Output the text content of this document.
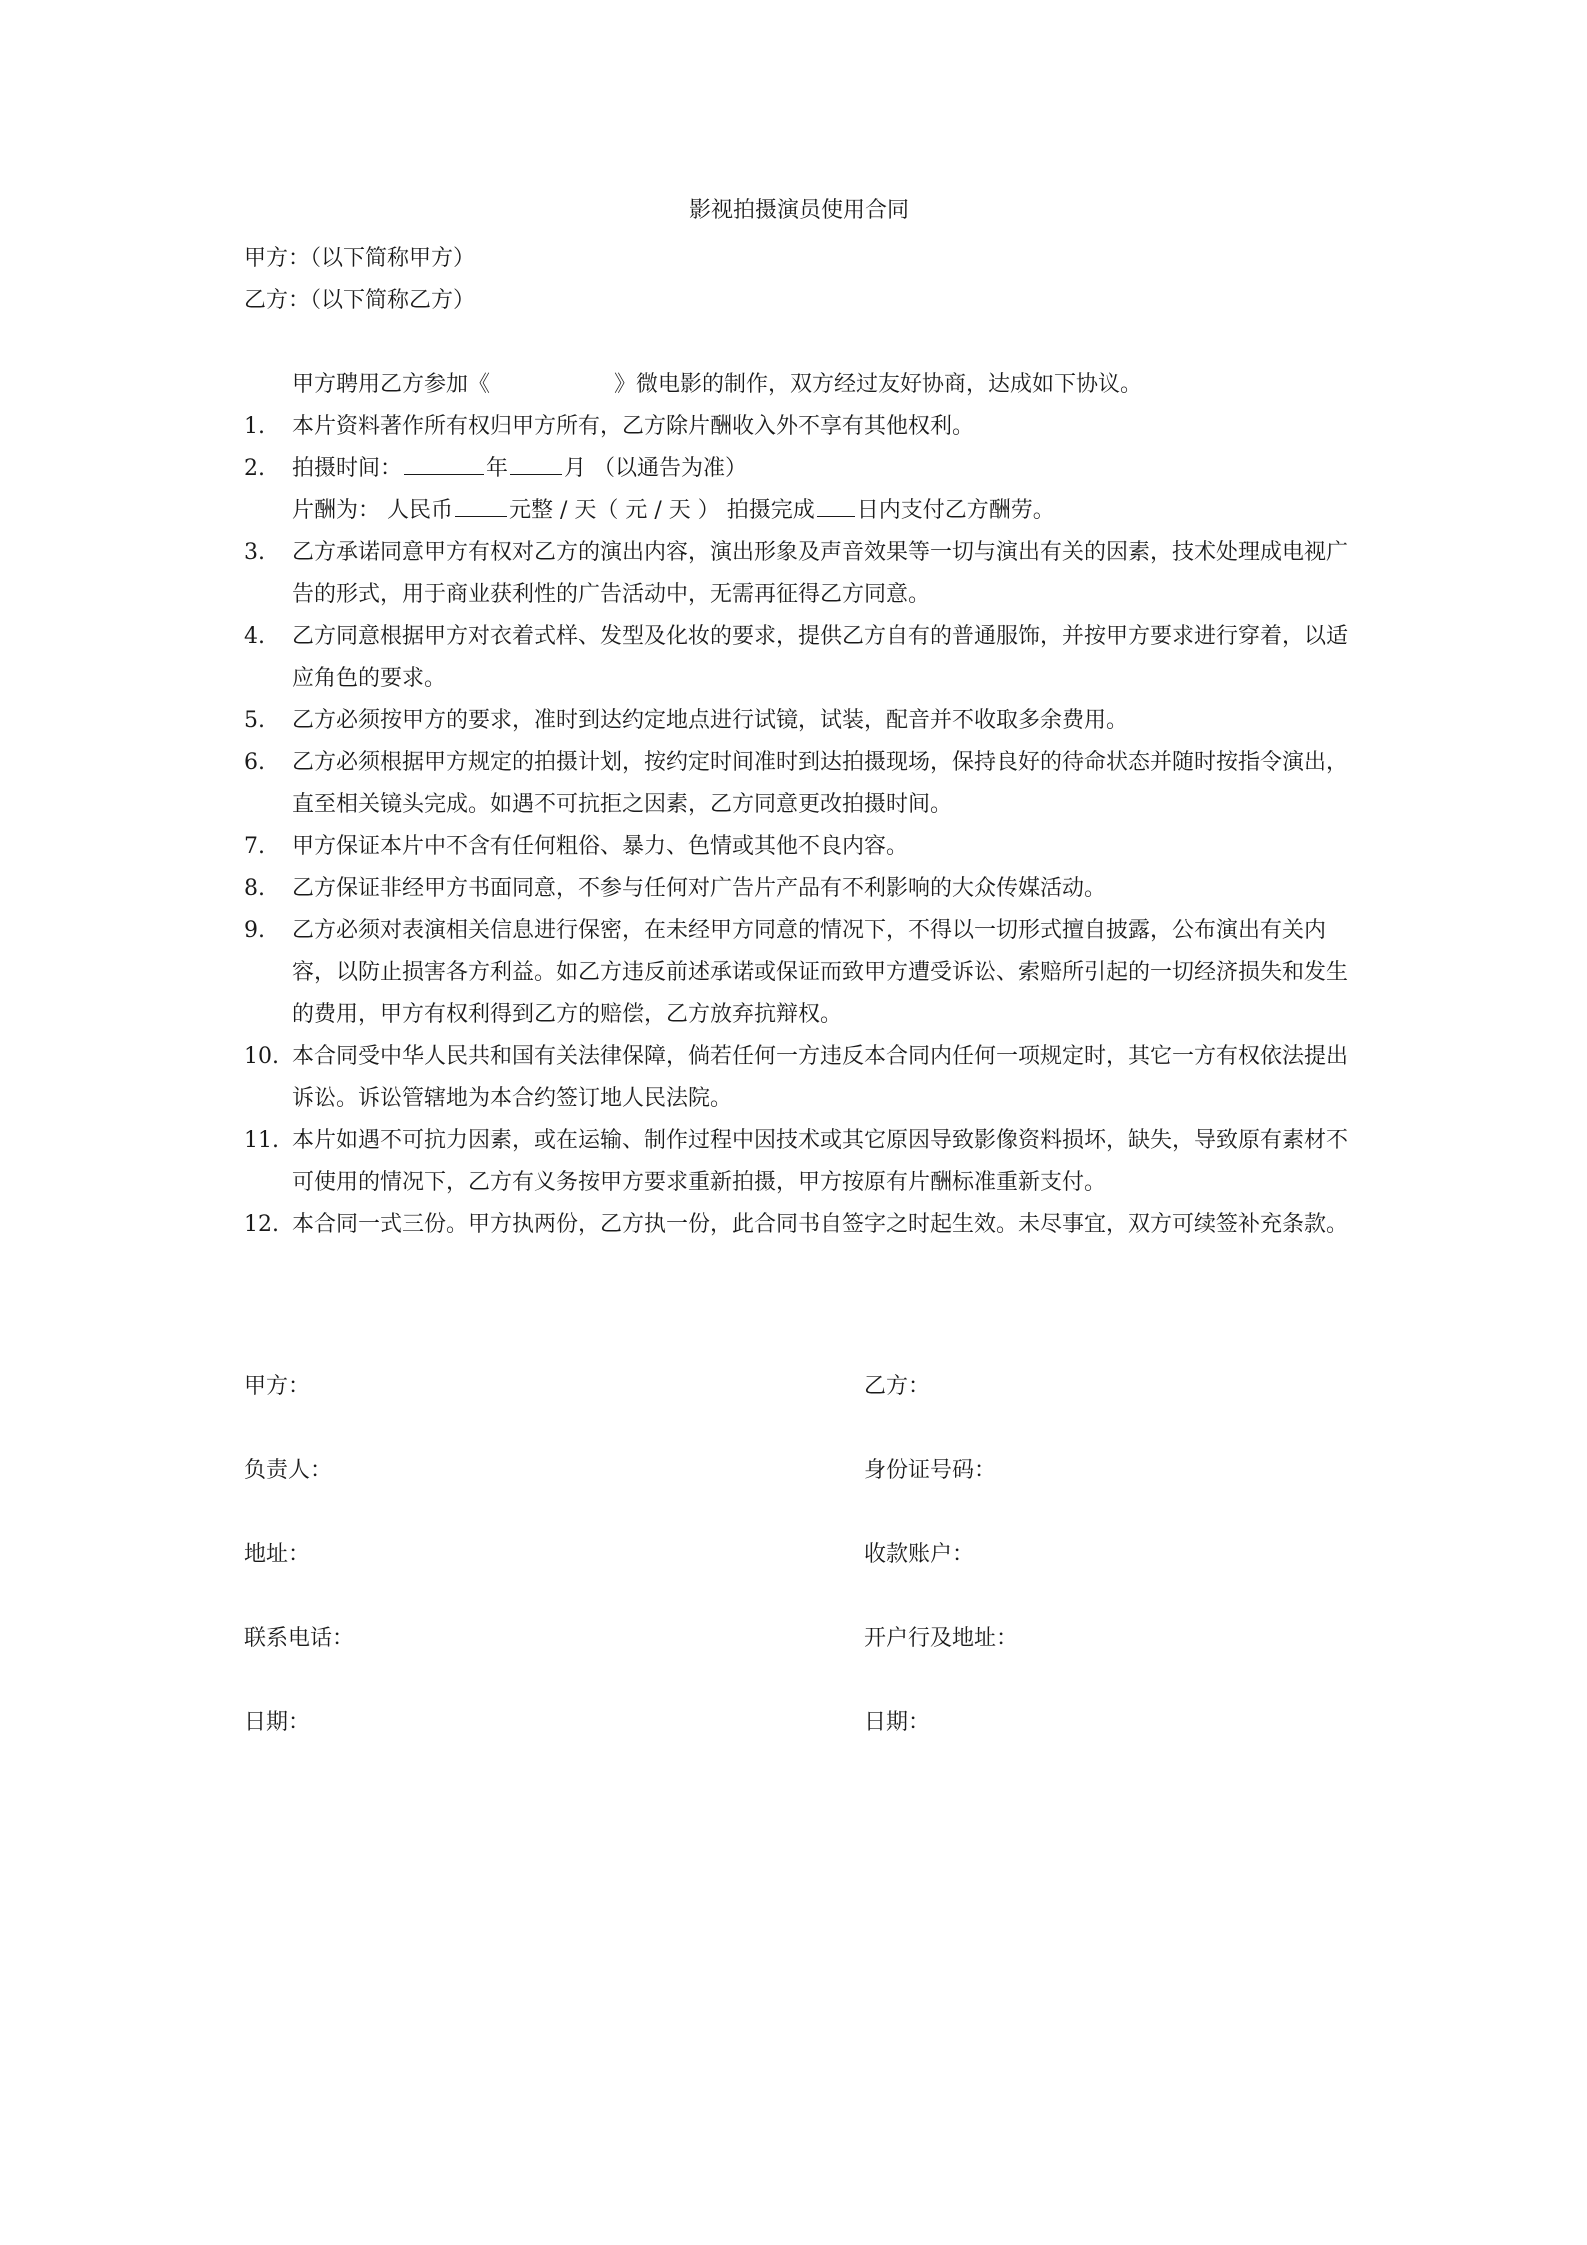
影视拍摄演员使用合同
甲方：（以下简称甲方）
乙方：（以下简称乙方）
甲方聘用乙方参加《	》微电影的制作，双方经过友好协商，达成如下协议。
1. 本片资料著作所有权归甲方所有，乙方除片酬收入外不享有其他权利。
2. 拍摄时间：	年	月 （以通告为准）
片酬为： 人民币	元整 / 天（ 元 / 天 ） 拍摄完成 日内支付乙方酬劳。
3. 乙方承诺同意甲方有权对乙方的演出内容，演出形象及声音效果等一切与演出有关的因素，技术处理成电视广告的形式，用于商业获利性的广告活动中，无需再征得乙方同意。
4. 乙方同意根据甲方对衣着式样、发型及化妆的要求，提供乙方自有的普通服饰，并按甲方要求进行穿着，以适应角色的要求。
5. 乙方必须按甲方的要求，准时到达约定地点进行试镜，试装，配音并不收取多余费用。
6. 乙方必须根据甲方规定的拍摄计划，按约定时间准时到达拍摄现场，保持良好的待命状态并随时按指令演出，直至相关镜头完成。如遇不可抗拒之因素，乙方同意更改拍摄时间。
7. 甲方保证本片中不含有任何粗俗、暴力、色情或其他不良内容。
8. 乙方保证非经甲方书面同意，不参与任何对广告片产品有不利影响的大众传媒活动。
9. 乙方必须对表演相关信息进行保密，在未经甲方同意的情况下，不得以一切形式擅自披露，公布演出有关内容，以防止损害各方利益。如乙方违反前述承诺或保证而致甲方遭受诉讼、索赔所引起的一切经济损失和发生的费用，甲方有权利得到乙方的赔偿，乙方放弃抗辩权。
10. 本合同受中华人民共和国有关法律保障，倘若任何一方违反本合同内任何一项规定时，其它一方有权依法提出诉讼。诉讼管辖地为本合约签订地人民法院。
11. 本片如遇不可抗力因素，或在运输、制作过程中因技术或其它原因导致影像资料损坏，缺失，导致原有素材不可使用的情况下，乙方有义务按甲方要求重新拍摄，甲方按原有片酬标准重新支付。
12. 本合同一式三份。甲方执两份，乙方执一份，此合同书自签字之时起生效。未尽事宜，双方可续签补充条款。
甲方：	乙方：
负责人：	身份证号码：
地址：	收款账户：
联系电话：	开户行及地址：
日期：	日期：
